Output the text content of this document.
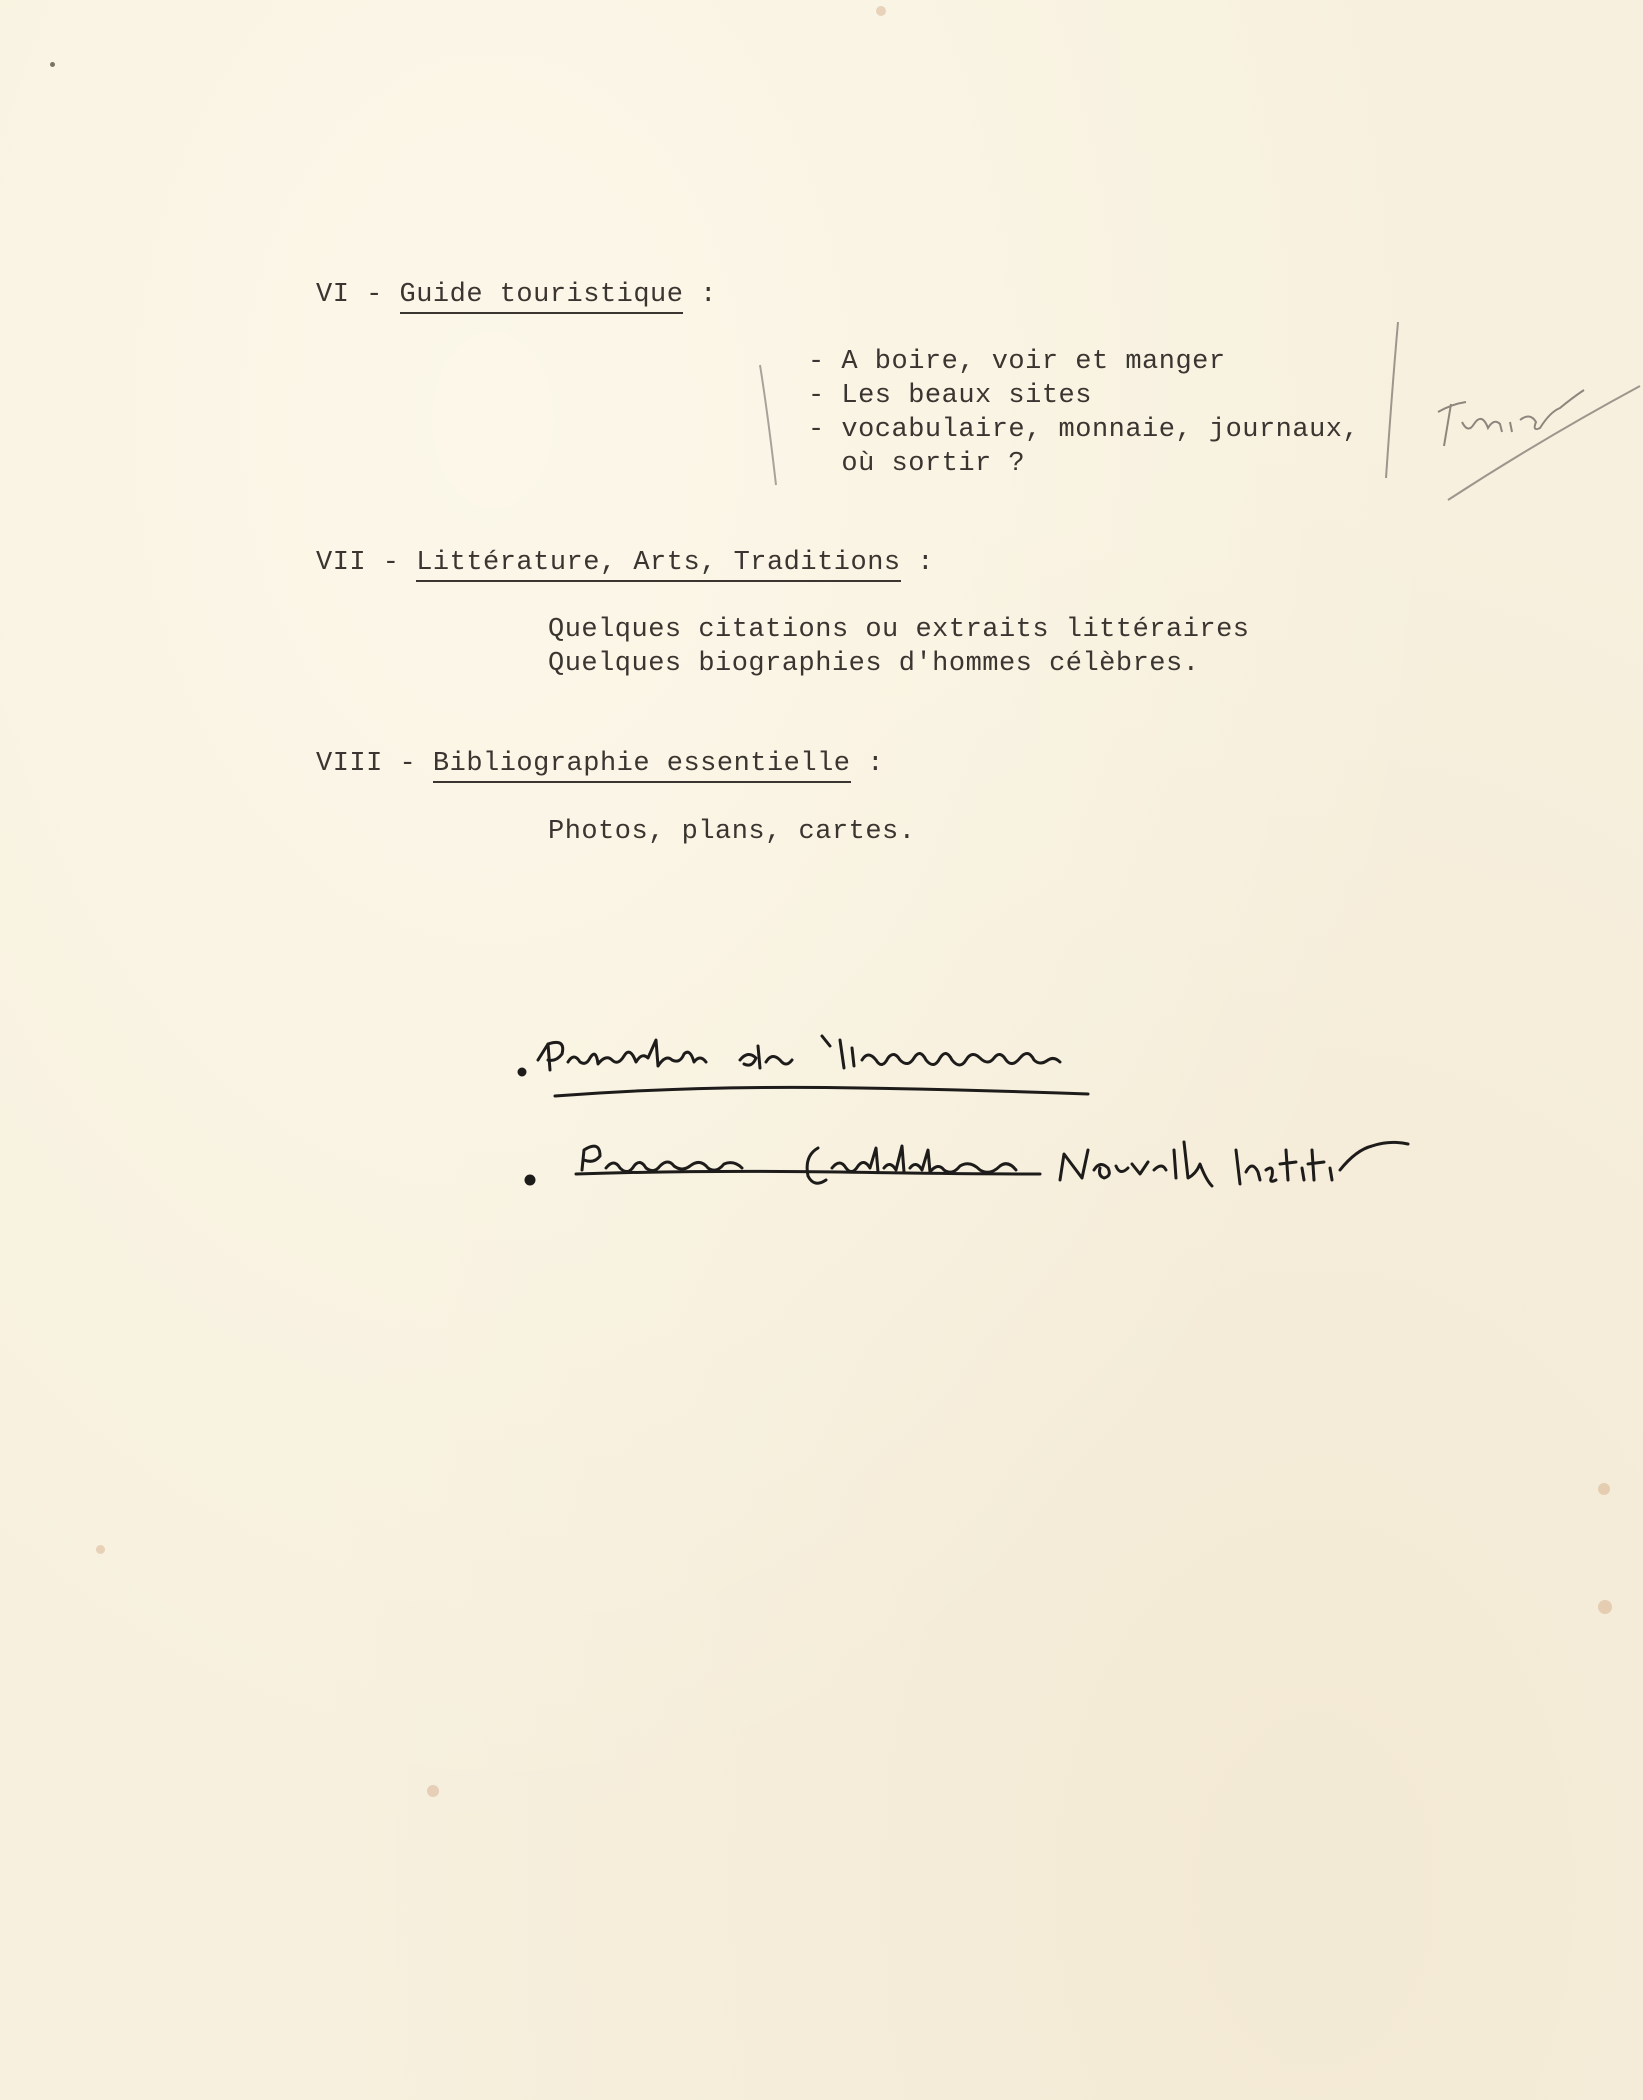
VI - Guide touristique :
- A boire, voir et manger
- Les beaux sites
- vocabulaire, monnaie, journaux,
où sortir ?
VII - Littérature, Arts, Traditions :
Quelques citations ou extraits littéraires
Quelques biographies d'hommes célèbres.
VIII - Bibliographie essentielle :
Photos, plans, cartes.
